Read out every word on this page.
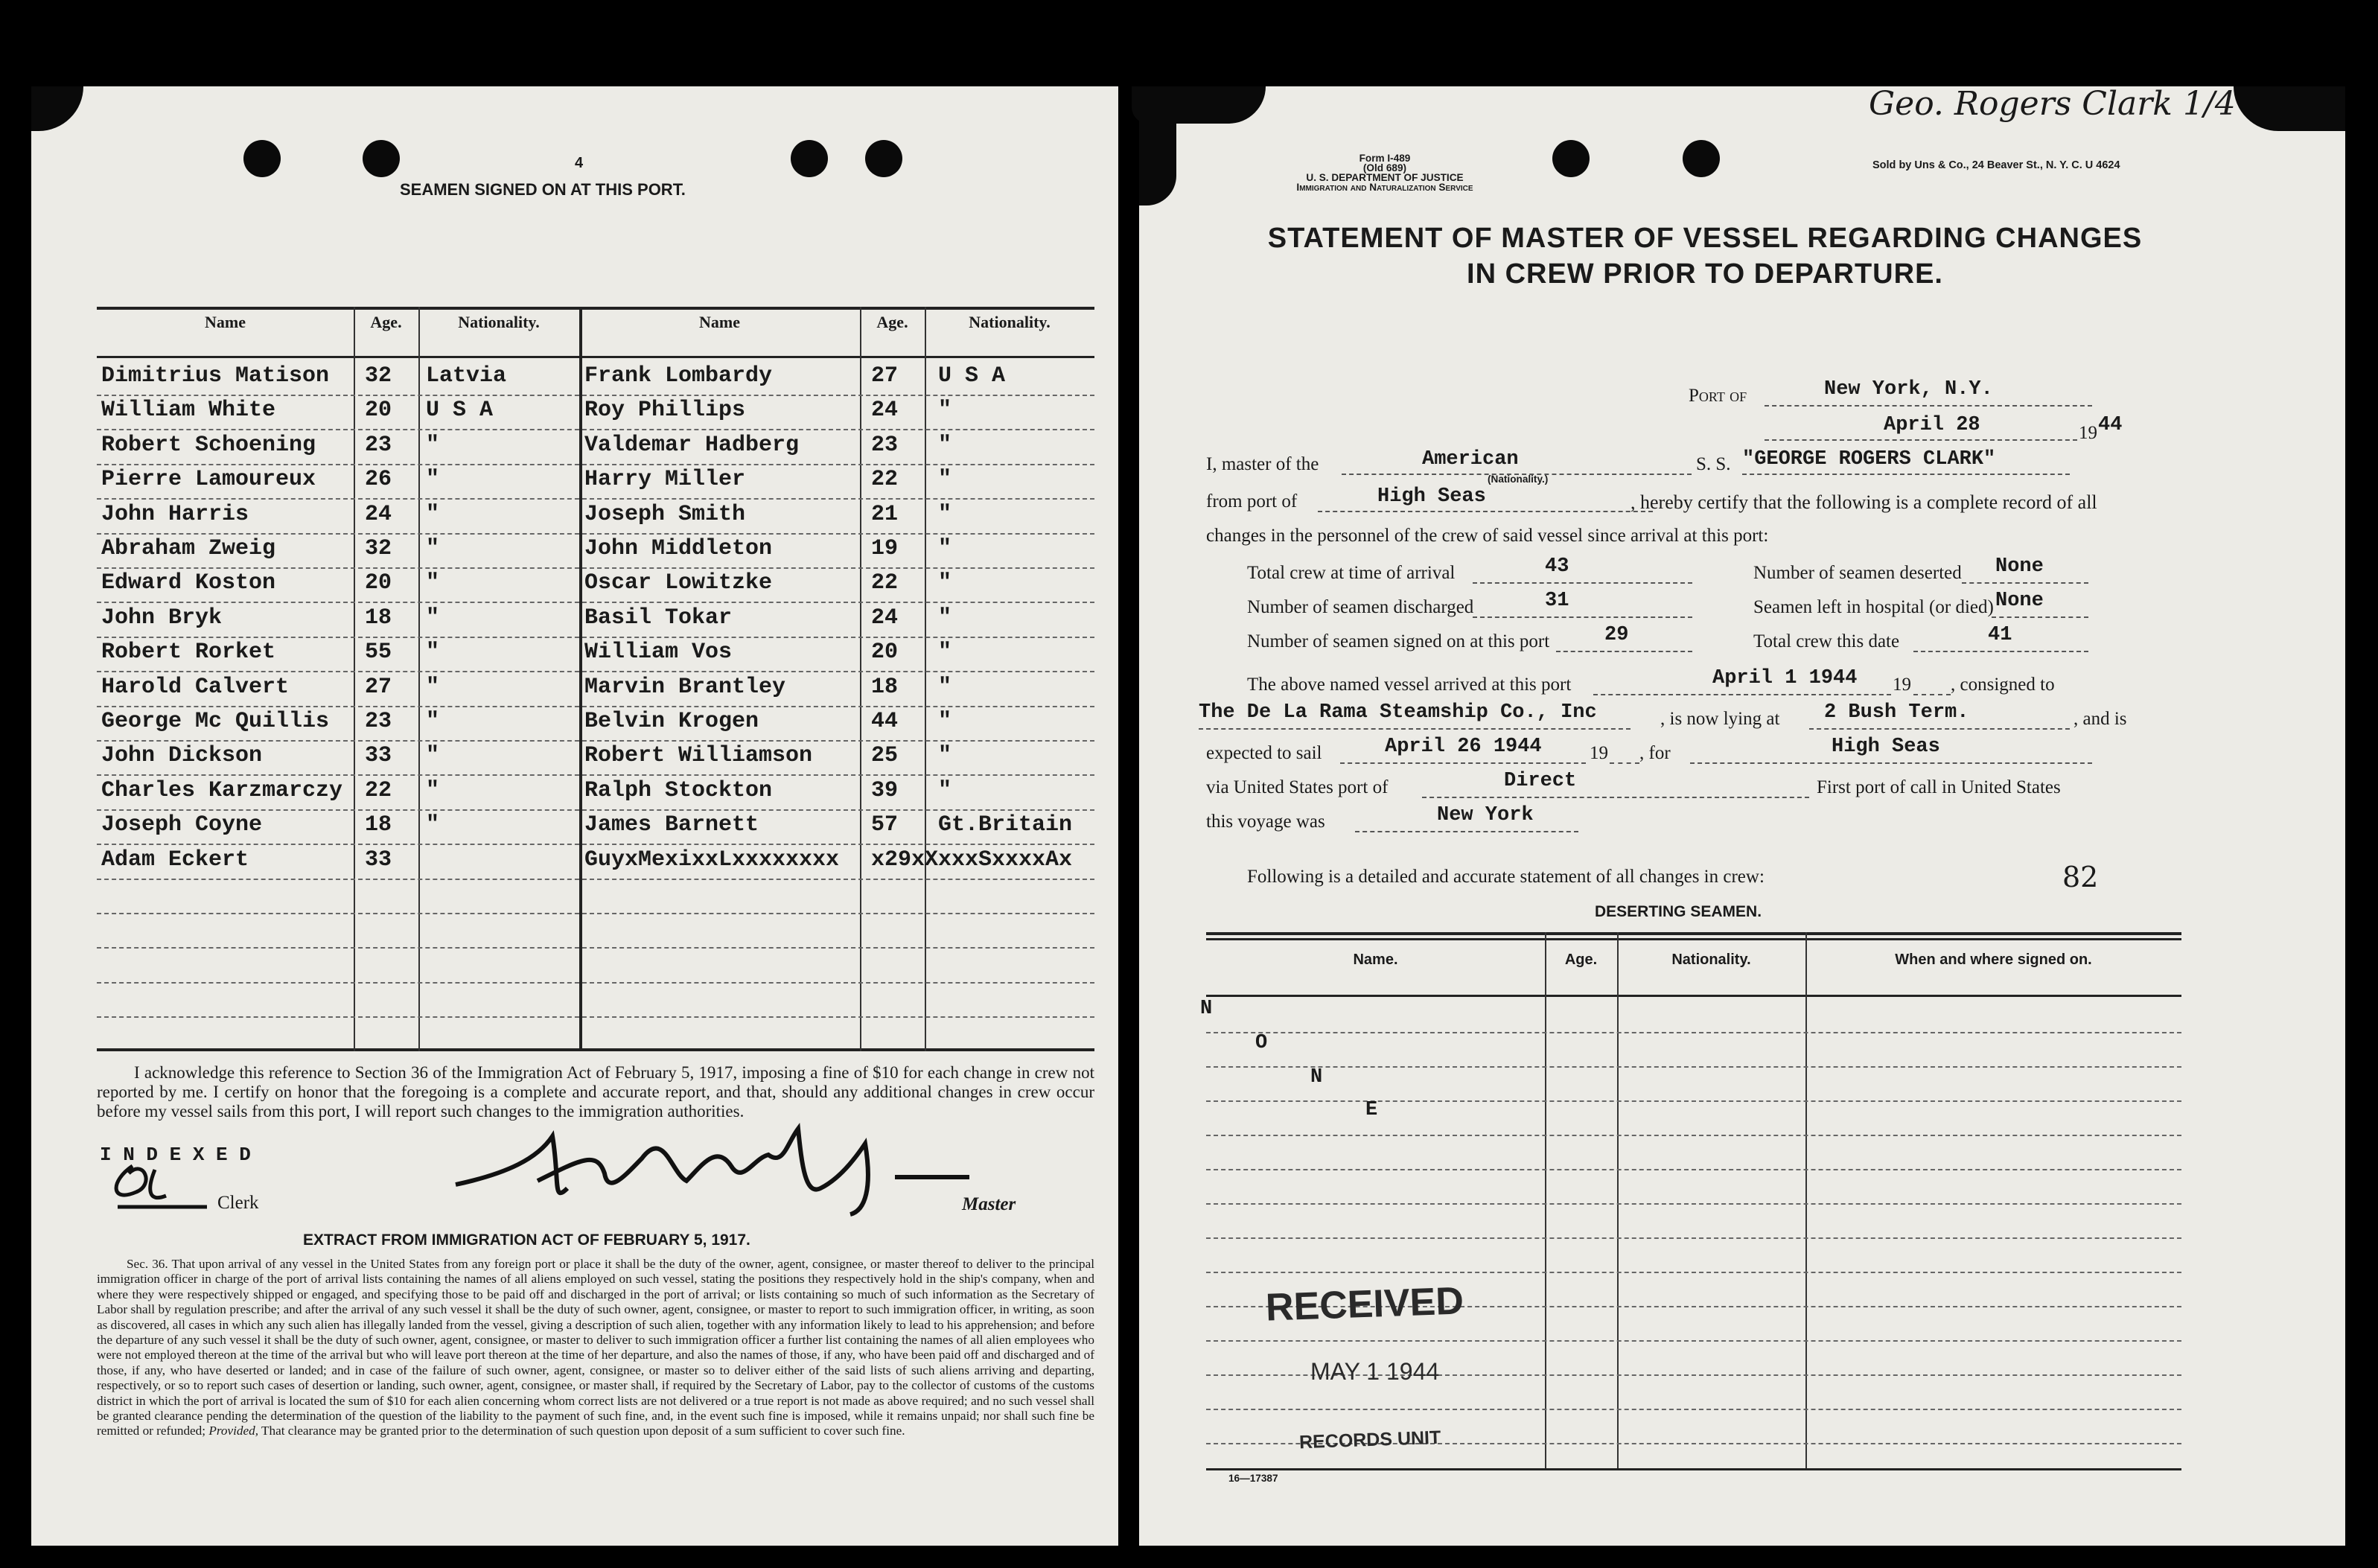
4
SEAMEN SIGNED ON AT THIS PORT.
Name	Age.	Nationality.	Name	Age.	Nationality.
Dimitrius Matison 32 Latvia	Frank Lombardy	27 U S A
William White	20 U S A	Roy Phillips	24 "
Robert Schoening 23 "	Valdemar Hadberg	23 "
Pierre Lamoureux 26 "	Harry Miller	22 "
John Harris	24 "	Joseph Smith	21 "
Abraham Zweig	32 "	John Middleton	19 "
Edward Koston	20 "	Oscar Lowitzke	22 "
John Bryk	18 "	Basil Tokar	24 "
Robert Rorket	55 "	William Vos	20 "
Harold Calvert	27 "	Marvin Brantley	18 "
George Mc Quillis 23 "	Belvin Krogen	44 "
John Dickson	33 "	Robert Williamson	25 "
Charles Karzmarczy 22 "	Ralph Stockton	39 "
Joseph Coyne	18 "	James Barnett	57 Gt.Britain
Adam Eckert	33	GuyxMexixxLxxxxxxxx x29xX xxxSxxxxAx
I acknowledge this reference to Section 36 of the Immigration Act of February 5, 1917, imposing a fine of $10 for each change in crew not reported by me. I certify on honor that the foregoing is a complete and accurate report, and that, should any additional changes in crew occur before my vessel sails from this port, I will report such changes to the immigration authorities.
I N D E X E D
Clerk	Master
EXTRACT FROM IMMIGRATION ACT OF FEBRUARY 5, 1917.
Sec. 36. That upon arrival of any vessel in the United States from any foreign port or place it shall be the duty of the owner, agent, consignee, or master thereof to deliver to the principal immigration officer in charge of the port of arrival lists containing the names of all aliens employed on such vessel, stating the positions they respectively hold in the ship's company, when and where they were respectively shipped or engaged, and specifying those to be paid off and discharged in the port of arrival; or lists containing so much of such information as the Secretary of Labor shall by regulation prescribe; and after the arrival of any such vessel it shall be the duty of such owner, agent, consignee, or master to report to such immigration officer, in writing, as soon as discovered, all cases in which any such alien has illegally landed from the vessel, giving a description of such alien, together with any information likely to lead to his apprehension; and before the departure of any such vessel it shall be the duty of such owner, agent, consignee, or master to deliver to such immigration officer a further list containing the names of all alien employees who were not employed thereon at the time of the arrival but who will leave port thereon at the time of her departure, and also the names of those, if any, who have been paid off and discharged and of those, if any, who have deserted or landed; and in case of the failure of such owner, agent, consignee, or master so to deliver either of the said lists of such aliens arriving and departing, respectively, or so to report such cases of desertion or landing, such owner, agent, consignee, or master shall, if required by the Secretary of Labor, pay to the collector of customs of the customs district in which the port of arrival is located the sum of $10 for each alien concerning whom correct lists are not delivered or a true report is not made as above required; and no such vessel shall be granted clearance pending the determination of the question of the liability to the payment of such fine, and, in the event such fine is imposed, while it remains unpaid; nor shall such fine be remitted or refunded; Provided, That clearance may be granted prior to the determination of such question upon deposit of a sum sufficient to cover such fine.
Geo. Rogers Clark 1/4
Form I-489
(Old 689)
U. S. DEPARTMENT OF JUSTICE
Immigration and Naturalization Service
Sold by Uns & Co., 24 Beaver St., N. Y. C. U 4624
STATEMENT OF MASTER OF VESSEL REGARDING CHANGES
IN CREW PRIOR TO DEPARTURE.
Port of	New York, N.Y.
April 28	19 44
I, master of the	American
(Nationality.)
S. S. "GEORGE ROGERS CLARK"
from port of	High Seas	, hereby certify that the following is a complete record of all
changes in the personnel of the crew of said vessel since arrival at this port:
Total crew at time of arrival	43	Number of seamen deserted None
Number of seamen discharged	31	Seamen left in hospital (or died) None
Number of seamen signed on at this port	29	Total crew this date	41
The above named vessel arrived at this port	April 1 1944 19 , consigned to
The De La Rama Steamship Co., Inc	, is now lying at 2 Bush Term.	, and is
expected to sail	April 26 1944	19 , for	High Seas
via United States port of	Direct	First port of call in United States
this voyage was	New York
Following is a detailed and accurate statement of all changes in crew:	82
DESERTING SEAMEN.
Name.	Age.	Nationality.	When and where signed on.
N
O
N
E
RECEIVED
MAY 1 1944
RECORDS UNIT
16—17387
